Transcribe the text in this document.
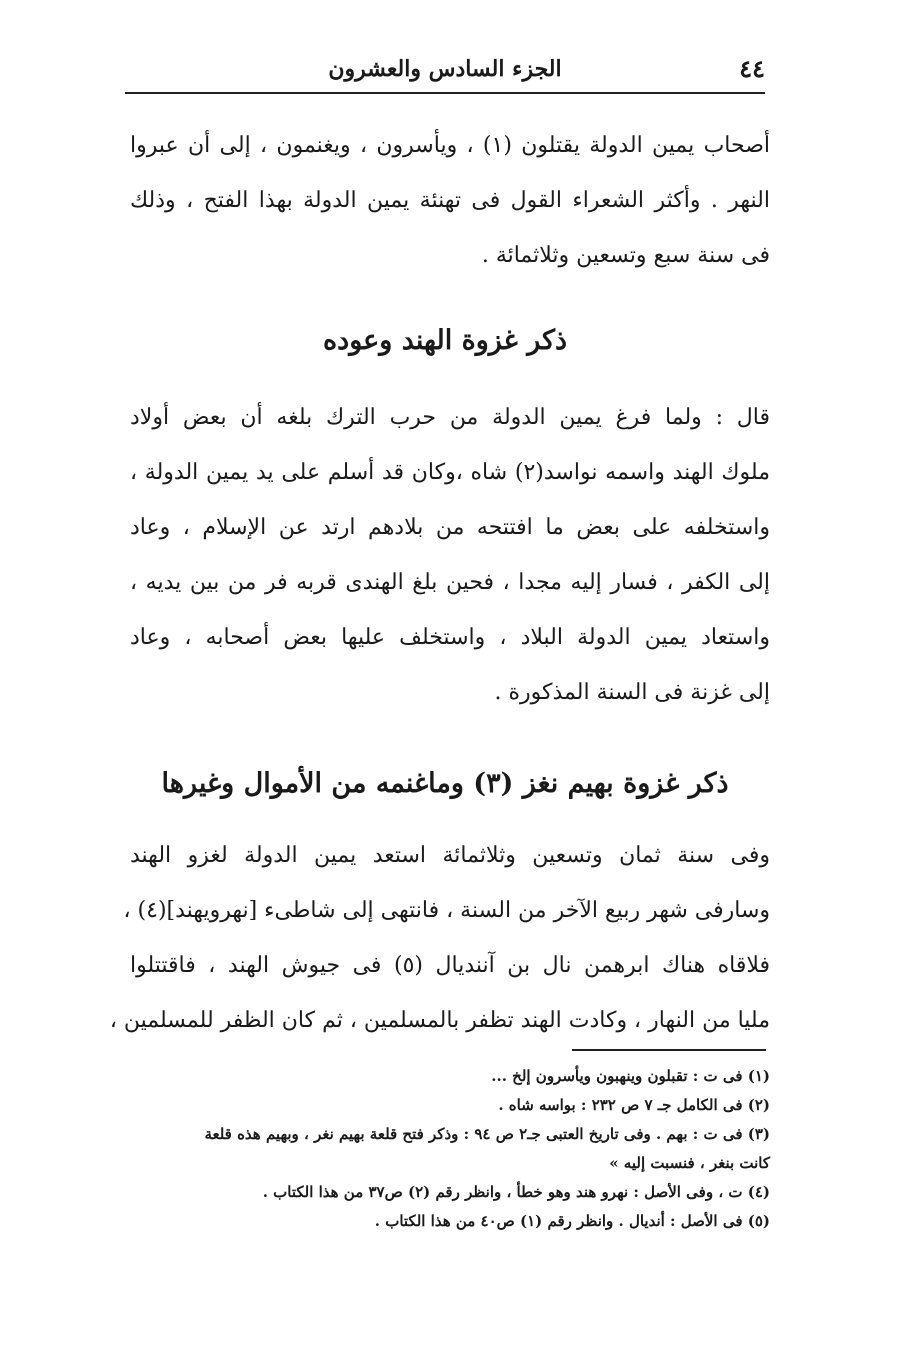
٤٤
الجزء السادس والعشرون
أصحاب يمين الدولة يقتلون (١) ، ويأسرون ، ويغنمون ، إلى أن عبروا
النهر . وأكثر الشعراء القول فى تهنئة يمين الدولة بهذا الفتح ، وذلك
فى سنة سبع وتسعين وثلاثمائة .
ذكر غزوة الهند وعوده
قال : ولما فرغ يمين الدولة من حرب الترك بلغه أن بعض أولاد
ملوك الهند واسمه نواسد(٢) شاه ،وكان قد أسلم على يد يمين الدولة ،
واستخلفه على بعض ما افتتحه من بلادهم ارتد عن الإسلام ، وعاد
إلى الكفر ، فسار إليه مجدا ، فحين بلغ الهندى قربه فر من بين يديه ،
واستعاد يمين الدولة البلاد ، واستخلف عليها بعض أصحابه ، وعاد
إلى غزنة فى السنة المذكورة .
ذكر غزوة بهيم نغز (٣) وماغنمه من الأموال وغيرها
وفى سنة ثمان وتسعين وثلاثمائة استعد يمين الدولة لغزو الهند
وسارفى شهر ربيع الآخر من السنة ، فانتهى إلى شاطىء [نهرويهند](٤) ،
فلاقاه هناك ابرهمن نال بن آننديال (٥) فى جيوش الهند ، فاقتتلوا
مليا من النهار ، وكادت الهند تظفر بالمسلمين ، ثم كان الظفر للمسلمين ،
(١) فى ت : تقبلون وينهبون ويأسرون إلخ ...
(٢) فى الكامل جـ ٧ ص ٢٣٢ : بواسه شاه .
(٣) فى ت : بهم . وفى تاريخ العتبى جـ٢ ص ٩٤ : وذكر فتح قلعة بهيم نغر ، وبهيم هذه قلعة
كانت بنغر ، فنسبت إليه »
(٤) ت ، وفى الأصل : نهرو هند وهو خطأ ، وانظر رقم (٢) ص٣٧ من هذا الكتاب .
(٥) فى الأصل : أنديال . وانظر رقم (١) ص٤٠ من هذا الكتاب .
